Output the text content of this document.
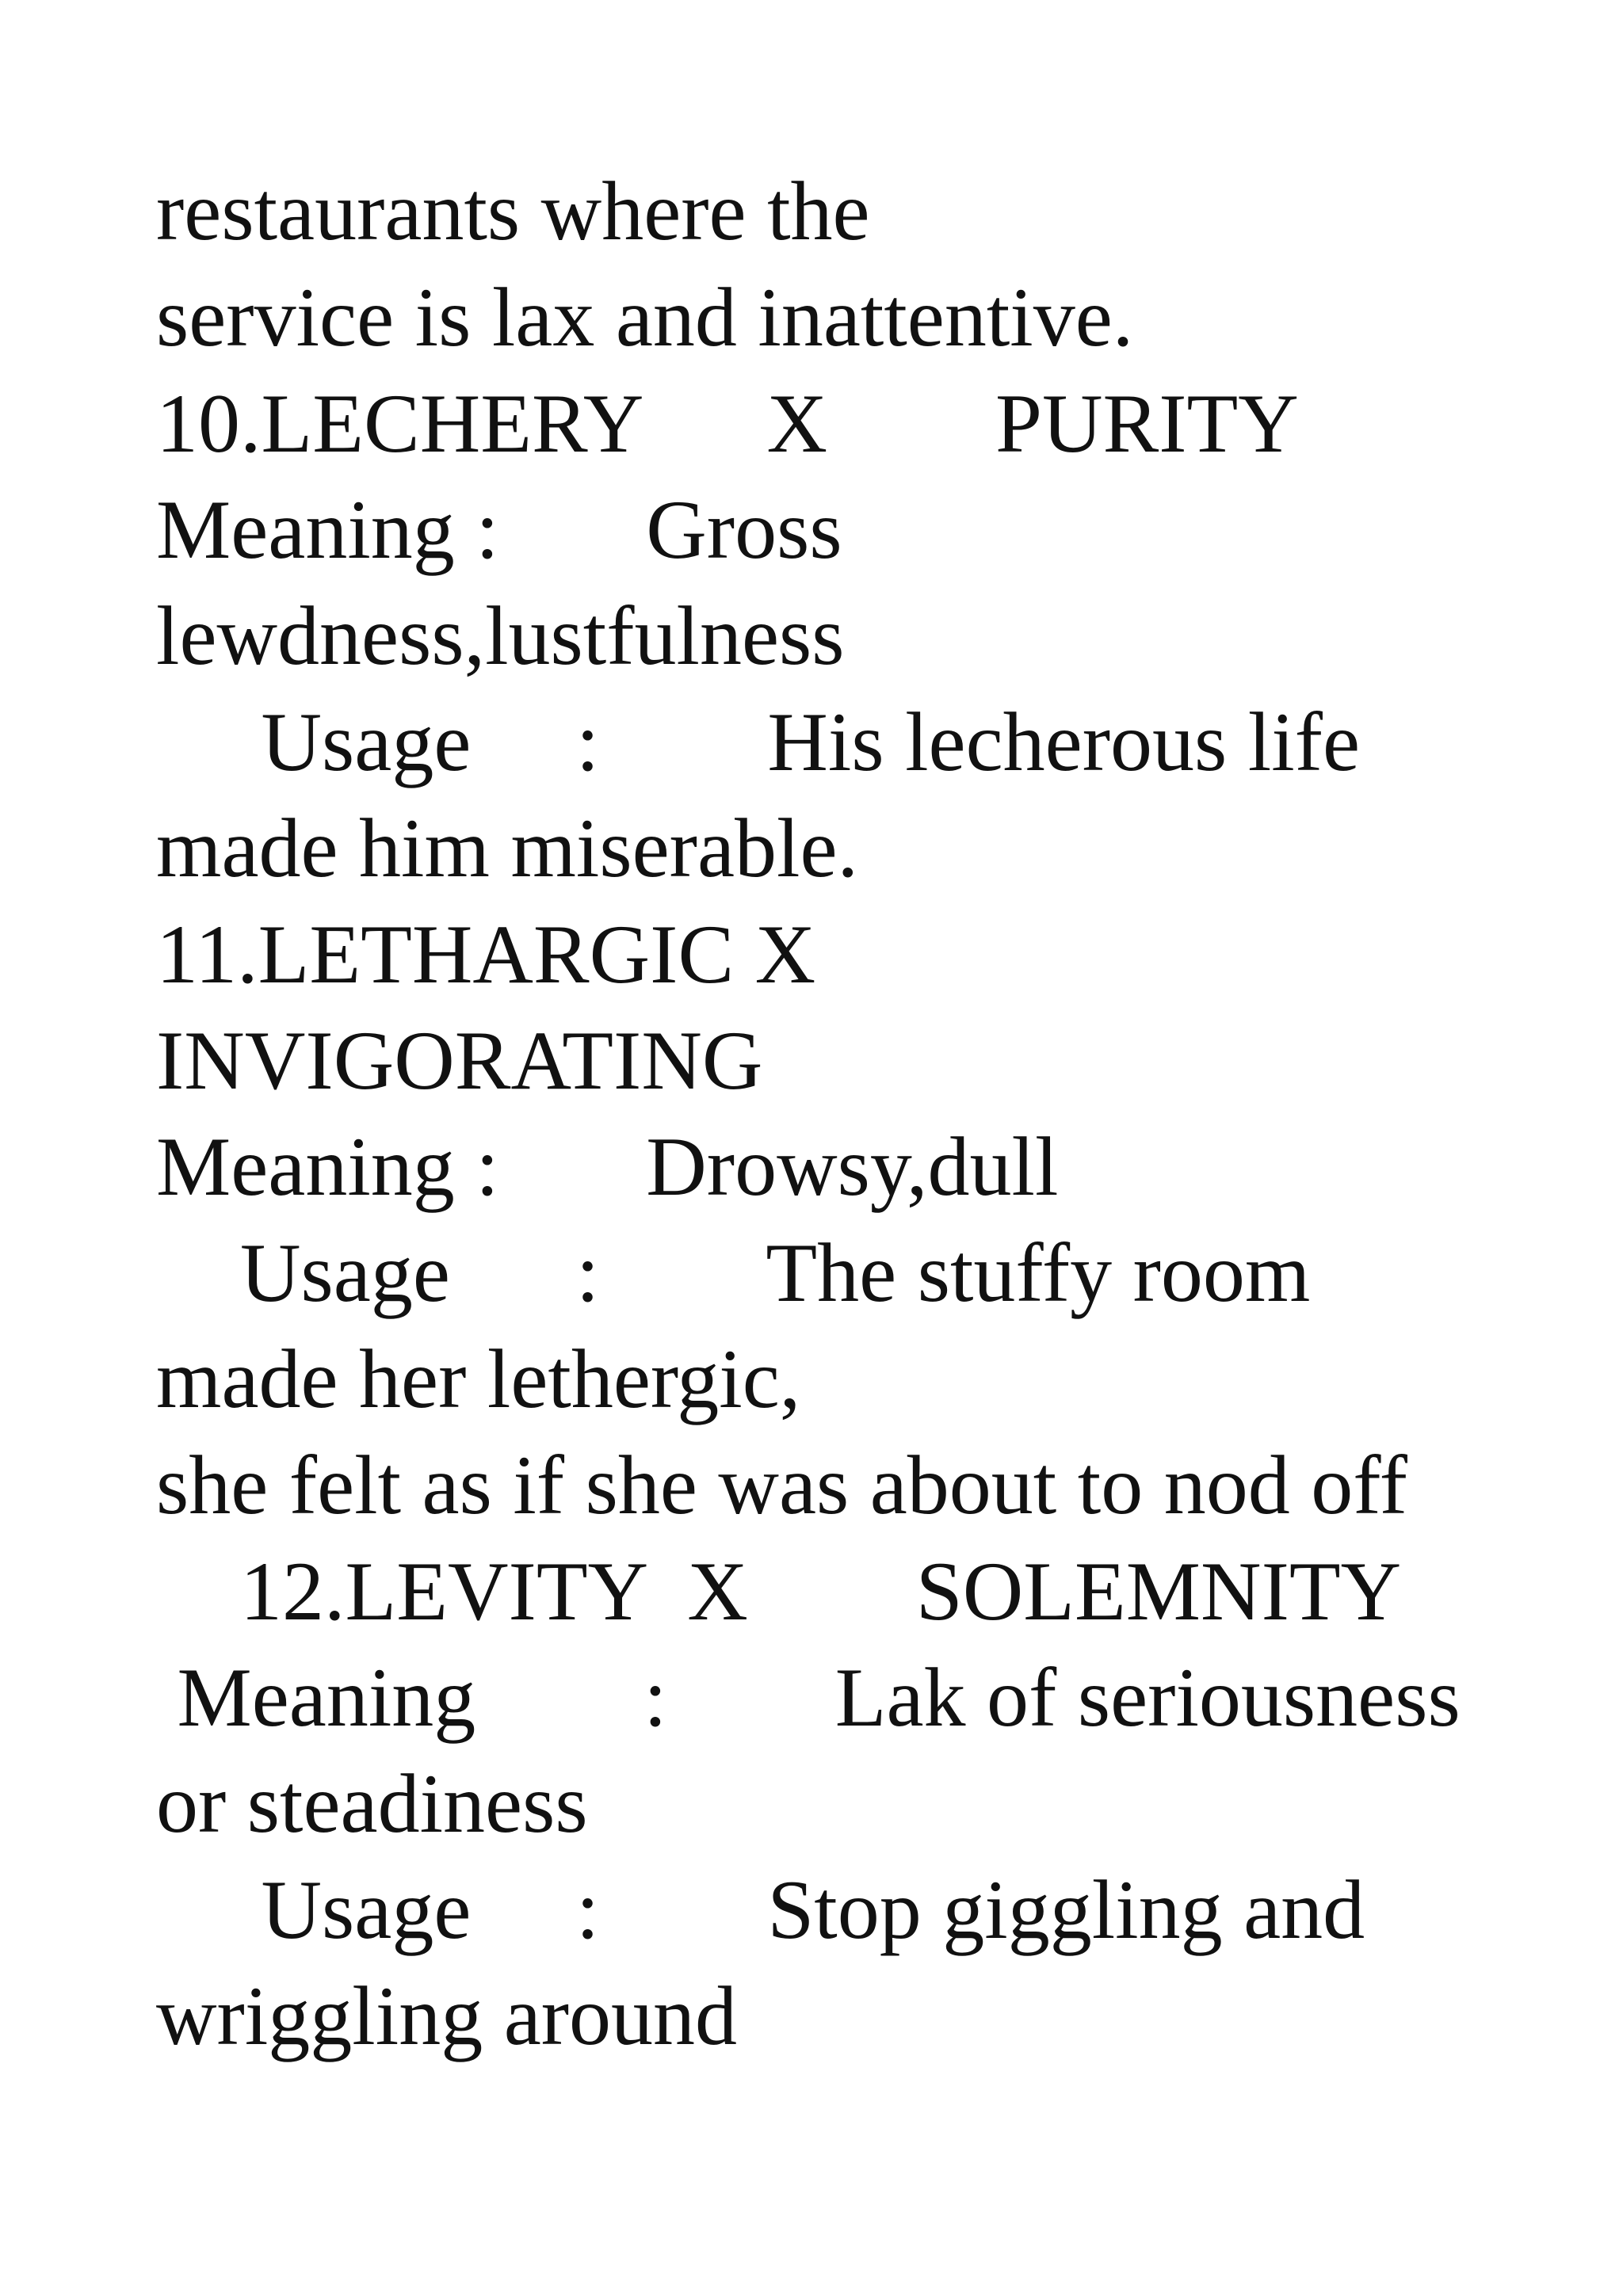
restaurants where the
service is lax and inattentive.
10.LECHERY      X        PURITY
Meaning :       Gross
lewdness,lustfulness
Usage     :        His lecherous life
made him miserable.
11.LETHARGIC X
INVIGORATING
Meaning :       Drowsy,dull
Usage      :        The stuffy room
made her lethergic,
she felt as if she was about to nod off
12.LEVITY  X        SOLEMNITY
Meaning        :        Lak of seriousness
or steadiness
Usage     :        Stop giggling and
wriggling around
